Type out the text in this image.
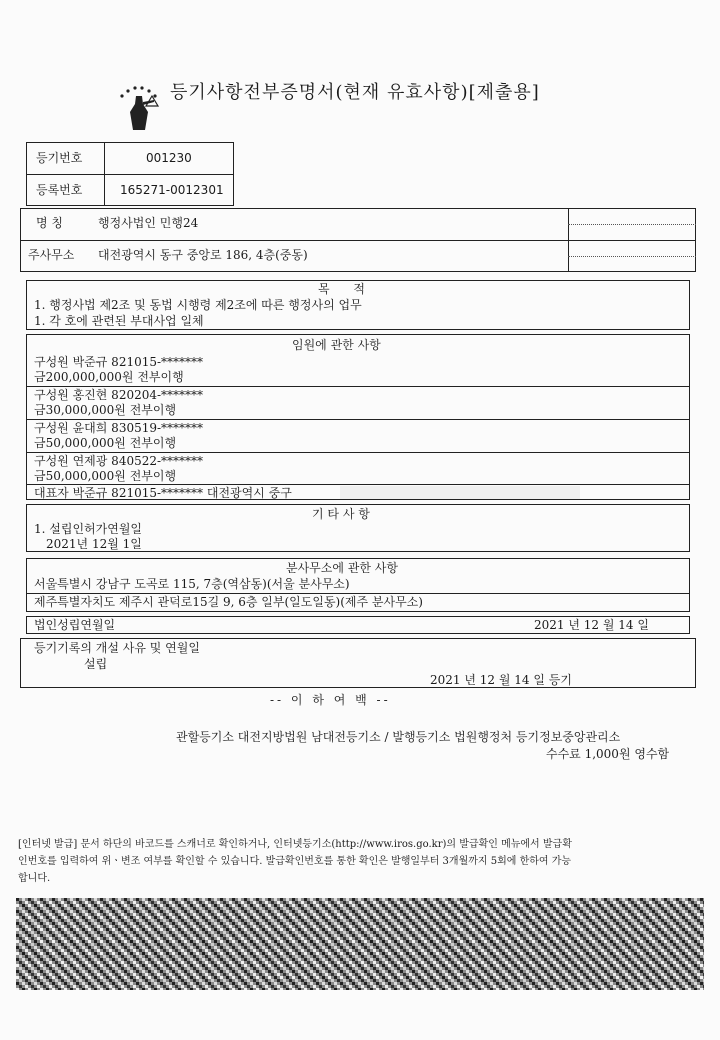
등기사항전부증명서(현재 유효사항)[제출용]
등기번호	001230
등록번호	165271-0012301
명 칭	행정사법인 민행24
주사무소 대전광역시 동구 중앙로 186, 4층(중동)
목 적
1. 행정사법 제2조 및 동법 시행령 제2조에 따른 행정사의 업무
1. 각 호에 관련된 부대사업 일체
임원에 관한 사항
구성원 박준규 821015-*******
금200,000,000원 전부이행
구성원 홍진현 820204-*******
금30,000,000원 전부이행
구성원 윤대희 830519-*******
금50,000,000원 전부이행
구성원 연제광 840522-*******
금50,000,000원 전부이행
대표자 박준규 821015-******* 대전광역시 중구
기 타 사 항
1. 설립인허가연월일
2021년 12월 1일
분사무소에 관한 사항
서울특별시 강남구 도곡로 115, 7층(역삼동)(서울 분사무소)
제주특별자치도 제주시 관덕로15길 9, 6층 일부(일도일동)(제주 분사무소)
법인성립연월일	2021 년 12 월 14 일
등기기록의 개설 사유 및 연월일
설립
2021 년 12 월 14 일 등기
-- 이 하 여 백 --
관할등기소 대전지방법원 남대전등기소 / 발행등기소 법원행정처 등기정보중앙관리소
수수료 1,000원 영수함
[인터넷 발급] 문서 하단의 바코드를 스캐너로 확인하거나, 인터넷등기소(http://www.iros.go.kr)의 발급확인 메뉴에서 발급확
인번호를 입력하여 위ㆍ변조 여부를 확인할 수 있습니다. 발급확인번호를 통한 확인은 발행일부터 3개월까지 5회에 한하여 가능
합니다.
